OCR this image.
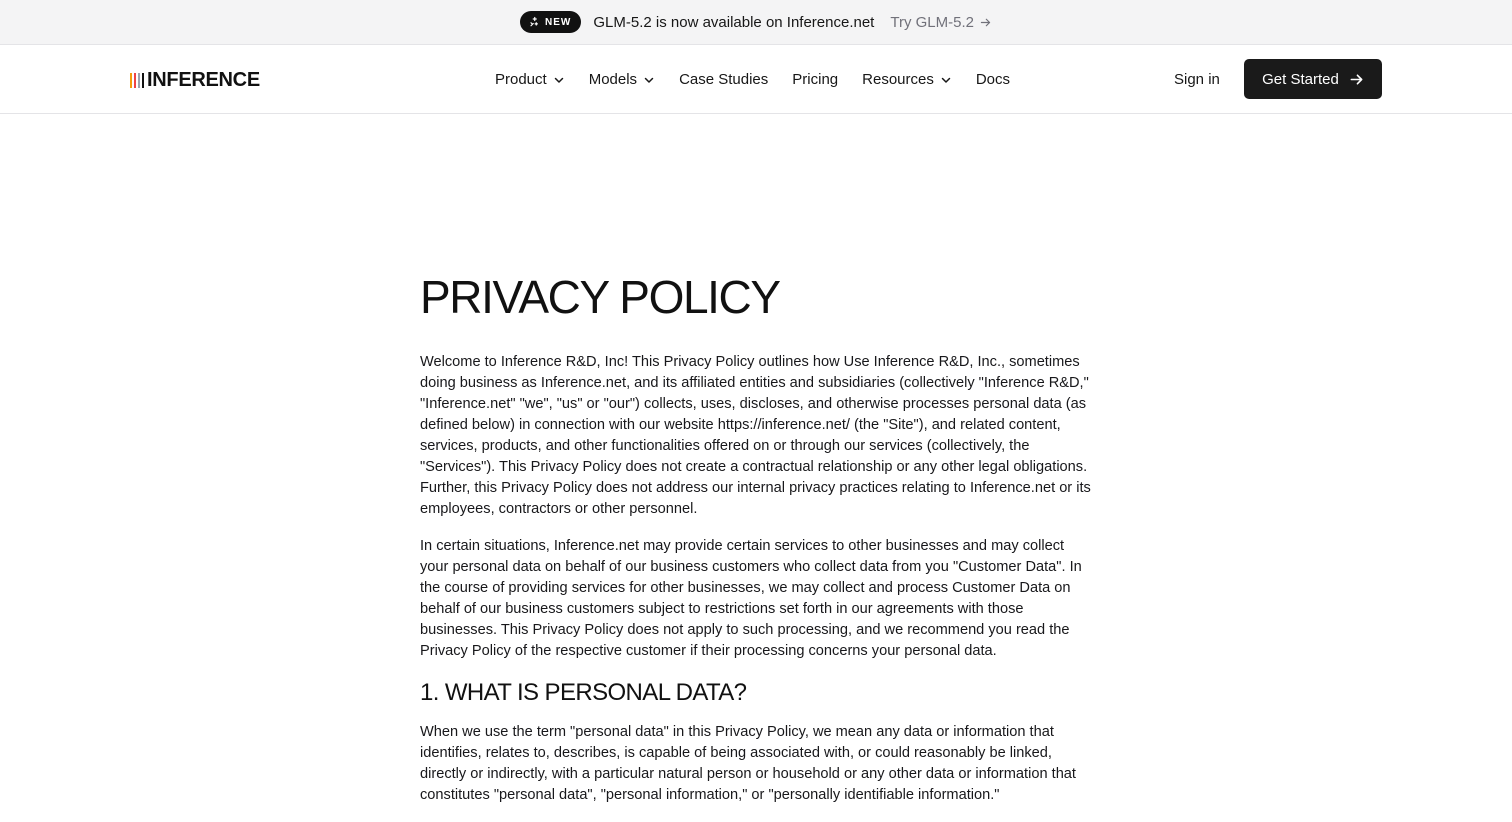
NEW GLM-5.2 is now available on Inference.net Try GLM-5.2
INFERENCE	Product	Models	Case Studies Pricing Resources	Docs	Sign in	Get Started
PRIVACY POLICY

Welcome to Inference R&D, Inc! This Privacy Policy outlines how Use Inference R&D, Inc., sometimes doing business as Inference.net, and its affiliated entities and subsidiaries (collectively "Inference R&D," "Inference.net" "we", "us" or "our") collects, uses, discloses, and otherwise processes personal data (as defined below) in connection with our website https://inference.net/ (the "Site"), and related content, services, products, and other functionalities offered on or through our services (collectively, the "Services"). This Privacy Policy does not create a contractual relationship or any other legal obligations. Further, this Privacy Policy does not address our internal privacy practices relating to Inference.net or its employees, contractors or other personnel.

In certain situations, Inference.net may provide certain services to other businesses and may collect your personal data on behalf of our business customers who collect data from you "Customer Data". In the course of providing services for other businesses, we may collect and process Customer Data on behalf of our business customers subject to restrictions set forth in our agreements with those businesses. This Privacy Policy does not apply to such processing, and we recommend you read the Privacy Policy of the respective customer if their processing concerns your personal data.

1. WHAT IS PERSONAL DATA?

When we use the term "personal data" in this Privacy Policy, we mean any data or information that identifies, relates to, describes, is capable of being associated with, or could reasonably be linked, directly or indirectly, with a particular natural person or household or any other data or information that constitutes "personal data", "personal information," or "personally identifiable information."
